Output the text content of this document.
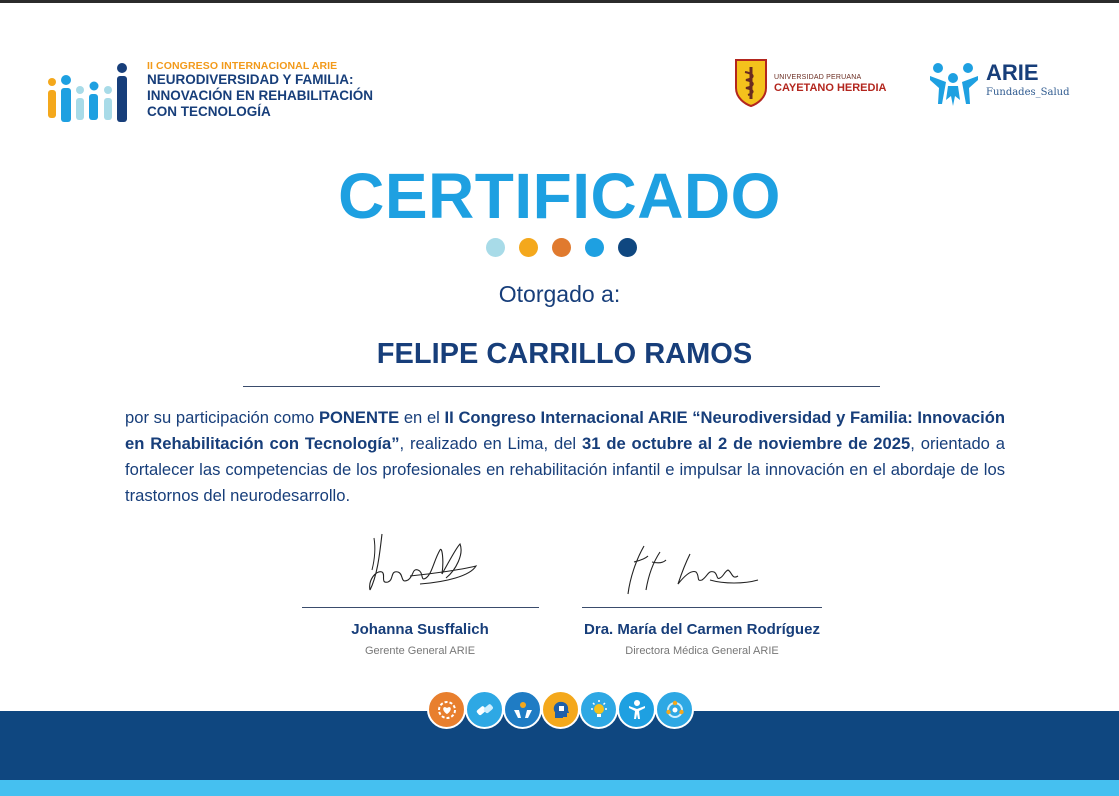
II CONGRESO INTERNACIONAL ARIE
NEURODIVERSIDAD Y FAMILIA:
INNOVACIÓN EN REHABILITACIÓN
CON TECNOLOGÍA
UNIVERSIDAD PERUANA
CAYETANO HEREDIA
ARIE
Fundades_Salud
CERTIFICADO
Otorgado a:
FELIPE CARRILLO RAMOS
por su participación como PONENTE en el II Congreso Internacional ARIE “Neurodiversidad y Familia: Innovación en Rehabilitación con Tecnología”, realizado en Lima, del 31 de octubre al 2 de noviembre de 2025, orientado a fortalecer las competencias de los profesionales en rehabilitación infantil e impulsar la innovación en el abordaje de los trastornos del neurodesarrollo.
Johanna Susffalich
Gerente General ARIE
Dra. María del Carmen Rodríguez
Directora Médica General ARIE
